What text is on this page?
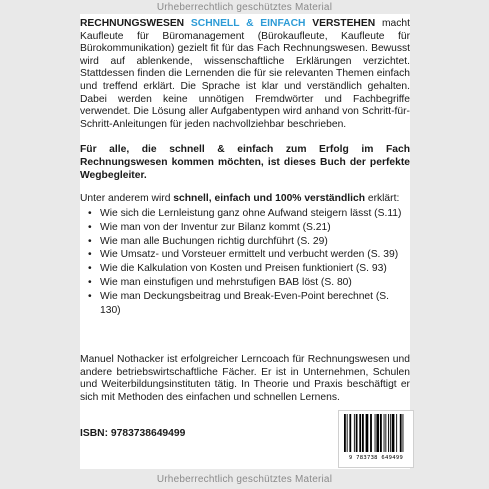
Urheberrechtlich geschütztes Material

RECHNUNGSWESEN SCHNELL & EINFACH VERSTEHEN macht Kaufleute für Büromanagement (Bürokaufleute, Kaufleute für Bürokommunikation) gezielt fit für das Fach Rechnungswesen. Bewusst wird auf ablenkende, wissenschaftliche Erklärungen verzichtet. Stattdessen finden die Lernenden die für sie relevanten Themen einfach und treffend erklärt. Die Sprache ist klar und verständlich gehalten. Dabei werden keine unnötigen Fremdwörter und Fachbegriffe verwendet. Die Lösung aller Aufgabentypen wird anhand von Schritt-für-Schritt-Anleitungen für jeden nachvollziehbar beschrieben.

Für alle, die schnell & einfach zum Erfolg im Fach Rechnungswesen kommen möchten, ist dieses Buch der perfekte Wegbegleiter.

Unter anderem wird schnell, einfach und 100% verständlich erklärt:

• Wie sich die Lernleistung ganz ohne Aufwand steigern lässt (S.11)
• Wie man von der Inventur zur Bilanz kommt (S.21)
• Wie man alle Buchungen richtig durchführt (S. 29)
• Wie Umsatz- und Vorsteuer ermittelt und verbucht werden (S. 39)
• Wie die Kalkulation von Kosten und Preisen funktioniert (S. 93)
• Wie man einstufigen und mehrstufigen BAB löst (S. 80)
• Wie man Deckungsbeitrag und Break-Even-Point berechnet (S. 130)

Manuel Nothacker ist erfolgreicher Lerncoach für Rechnungswesen und andere betriebswirtschaftliche Fächer. Er ist in Unternehmen, Schulen und Weiterbildungsinstituten tätig. In Theorie und Praxis beschäftigt er sich mit Methoden des einfachen und schnellen Lernens.

ISBN: 9783738649499

9 783738 649499
Urheberrechtlich geschütztes Material
